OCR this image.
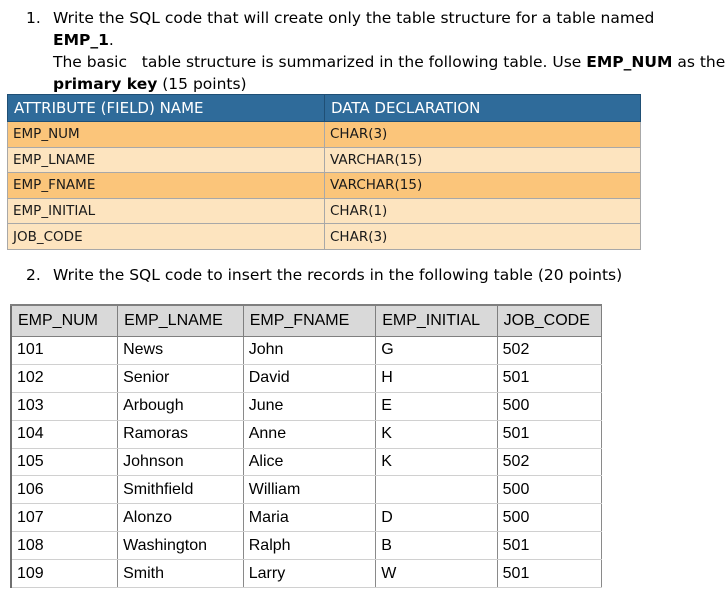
1. Write the SQL code that will create only the table structure for a table named EMP_1.
The basic   table structure is summarized in the following table. Use EMP_NUM as the
primary key (15 points)
ATTRIBUTE (FIELD) NAME	DATA DECLARATION
EMP_NUM	CHAR(3)
EMP_LNAME	VARCHAR(15)
EMP_FNAME	VARCHAR(15)
EMP_INITIAL	CHAR(1)
JOB_CODE	CHAR(3)
2. Write the SQL code to insert the records in the following table (20 points)
EMP_NUM	EMP_LNAME	EMP_FNAME	EMP_INITIAL	JOB_CODE
101	News	John	G	502
102	Senior	David	H	501
103	Arbough	June	E	500
104	Ramoras	Anne	K	501
105	Johnson	Alice	K	502
106	Smithfield	William		500
107	Alonzo	Maria	D	500
108	Washington	Ralph	B	501
109	Smith	Larry	W	501
